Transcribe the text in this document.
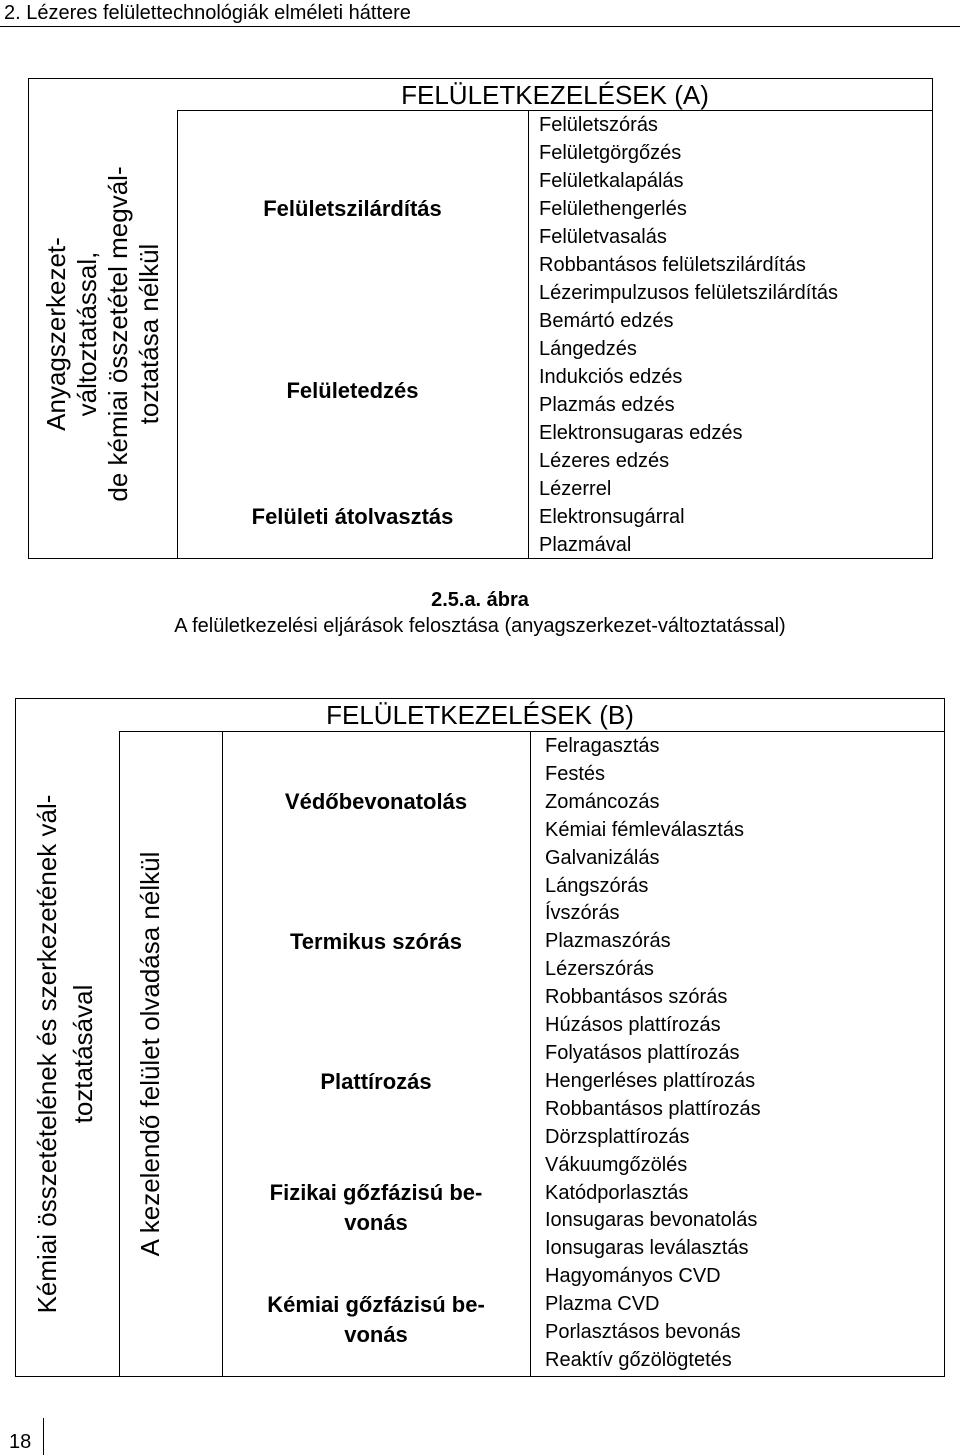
2. Lézeres felülettechnológiák elméleti háttere
FELÜLETKEZELÉSEK (A)
Anyagszerkezet- változtatással, de kémiai összetétel megvál- toztatása nélkül
Felületszilárdítás
Felületedzés
Felületi átolvasztás
Felületszórás
Felületgörgőzés
Felületkalapálás
Felülethengerlés
Felületvasalás
Robbantásos felületszilárdítás
Lézerimpulzusos felületszilárdítás
Bemártó edzés
Lángedzés
Indukciós edzés
Plazmás edzés
Elektronsugaras edzés
Lézeres edzés
Lézerrel
Elektronsugárral
Plazmával
2.5.a. ábra
A felületkezelési eljárások felosztása (anyagszerkezet-változtatással)
FELÜLETKEZELÉSEK (B)
Kémiai összetételének és szerkezetének vál- toztatásával A kezelendő felület olvadása nélkül
Védőbevonatolás
Termikus szórás
Plattírozás
Fizikai gőzfázisú be-
vonás
Kémiai gőzfázisú be-
vonás
Felragasztás
Festés
Zománcozás
Kémiai fémleválasztás
Galvanizálás
Lángszórás
Ívszórás
Plazmaszórás
Lézerszórás
Robbantásos szórás
Húzásos plattírozás
Folyatásos plattírozás
Hengerléses plattírozás
Robbantásos plattírozás
Dörzsplattírozás
Vákuumgőzölés
Katódporlasztás
Ionsugaras bevonatolás
Ionsugaras leválasztás
Hagyományos CVD
Plazma CVD
Porlasztásos bevonás
Reaktív gőzölögtetés
18
